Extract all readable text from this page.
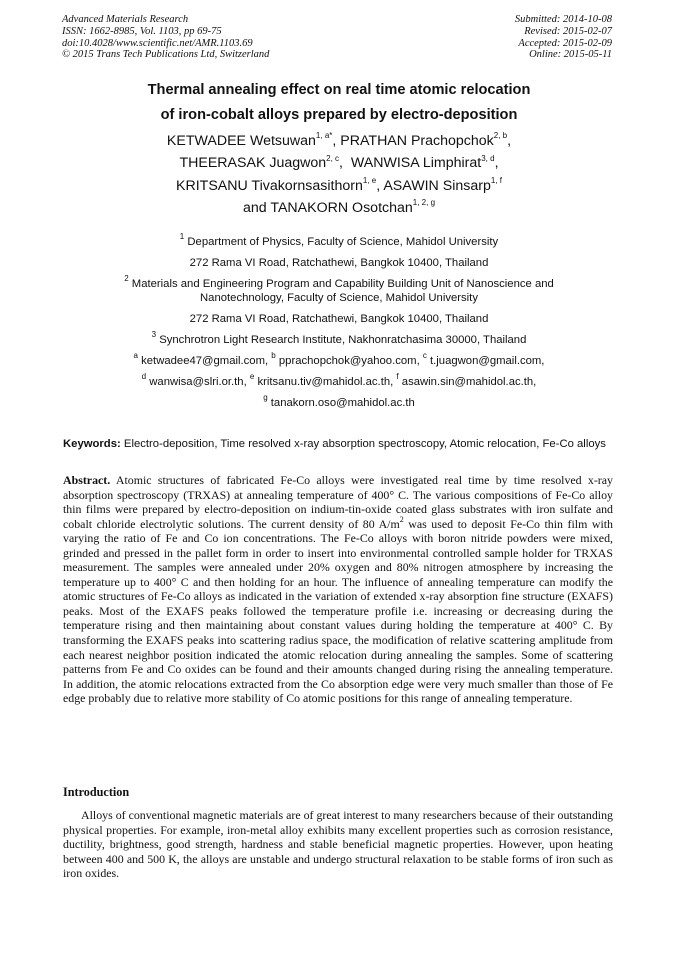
Advanced Materials Research
ISSN: 1662-8985, Vol. 1103, pp 69-75
doi:10.4028/www.scientific.net/AMR.1103.69
© 2015 Trans Tech Publications Ltd, Switzerland
Submitted: 2014-10-08
Revised: 2015-02-07
Accepted: 2015-02-09
Online: 2015-05-11
Thermal annealing effect on real time atomic relocation
of iron-cobalt alloys prepared by electro-deposition
KETWADEE Wetsuwan$^{1, a*}$, PRATHAN Prachopchok$^{2, b}$,
THEERASAK Juagwon$^{2, c}$,  WANWISA Limphirat$^{3, d}$,
KRITSANU Tivakornsasithorn$^{1, e}$, ASAWIN Sinsarp$^{1, f}$
and TANAKORN Osotchan$^{1, 2, g}$

$^1$ Department of Physics, Faculty of Science, Mahidol University

272 Rama VI Road, Ratchathewi, Bangkok 10400, Thailand

$^2$ Materials and Engineering Program and Capability Building Unit of Nanoscience and Nanotechnology, Faculty of Science, Mahidol University

272 Rama VI Road, Ratchathewi, Bangkok 10400, Thailand

$^3$ Synchrotron Light Research Institute, Nakhonratchasima 30000, Thailand

$^a$ ketwadee47@gmail.com, $^b$ pprachopchok@yahoo.com, $^c$ t.juagwon@gmail.com,

$^d$ wanwisa@slri.or.th, $^e$ kritsanu.tiv@mahidol.ac.th, $^f$ asawin.sin@mahidol.ac.th,

$^g$ tanakorn.oso@mahidol.ac.th

Keywords: Electro-deposition, Time resolved x-ray absorption spectroscopy, Atomic relocation, Fe-Co alloys

Abstract. Atomic structures of fabricated Fe-Co alloys were investigated real time by time resolved x-ray absorption spectroscopy (TRXAS) at annealing temperature of 400° C. The various compositions of Fe-Co alloy thin films were prepared by electro-deposition on indium-tin-oxide coated glass substrates with iron sulfate and cobalt chloride electrolytic solutions. The current density of 80 $A/m^2$ was used to deposit Fe-Co thin film with varying the ratio of Fe and Co ion concentrations. The Fe-Co alloys with boron nitride powders were mixed, grinded and pressed in the pallet form in order to insert into environmental controlled sample holder for TRXAS measurement. The samples were annealed under 20% oxygen and 80% nitrogen atmosphere by increasing the temperature up to 400° C and then holding for an hour. The influence of annealing temperature can modify the atomic structures of Fe-Co alloys as indicated in the variation of extended x-ray absorption fine structure (EXAFS) peaks. Most of the EXAFS peaks followed the temperature profile i.e. increasing or decreasing during the temperature rising and then maintaining about constant values during holding the temperature at 400° C. By transforming the EXAFS peaks into scattering radius space, the modification of relative scattering amplitude from each nearest neighbor position indicated the atomic relocation during annealing the samples. Some of scattering patterns from Fe and Co oxides can be found and their amounts changed during rising the annealing temperature. In addition, the atomic relocations extracted from the Co absorption edge were very much smaller than those of Fe edge probably due to relative more stability of Co atomic positions for this range of annealing temperature.

Introduction

Alloys of conventional magnetic materials are of great interest to many researchers because of their outstanding physical properties. For example, iron-metal alloy exhibits many excellent properties such as corrosion resistance, ductility, brightness, good strength, hardness and stable beneficial magnetic properties. However, upon heating between 400 and 500 K, the alloys are unstable and undergo structural relaxation to be stable forms of iron such as iron oxides.
